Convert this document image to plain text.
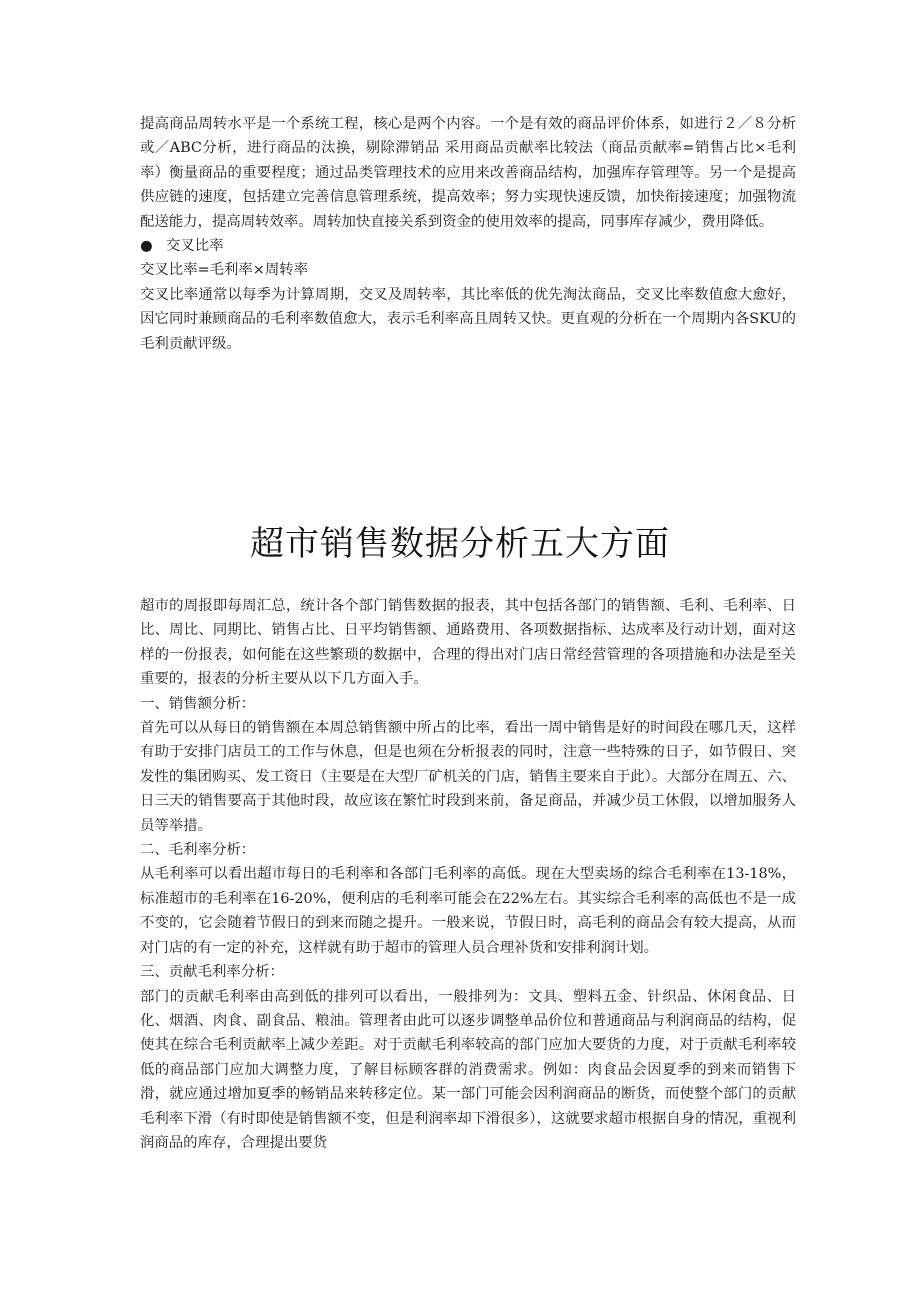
提高商品周转水平是一个系统工程，核心是两个内容。一个是有效的商品评价体系，如进行２／８分析或／ABC分析，进行商品的汰换，剔除滞销品 采用商品贡献率比较法（商品贡献率=销售占比×毛利率）衡量商品的重要程度；通过品类管理技术的应用来改善商品结构，加强库存管理等。另一个是提高供应链的速度，包括建立完善信息管理系统，提高效率；努力实现快速反馈，加快衔接速度；加强物流配送能力，提高周转效率。周转加快直接关系到资金的使用效率的提高，同事库存减少，费用降低。

● 交叉比率

交叉比率=毛利率×周转率

交叉比率通常以每季为计算周期，交叉及周转率，其比率低的优先淘汰商品，交叉比率数值愈大愈好，因它同时兼顾商品的毛利率数值愈大，表示毛利率高且周转又快。更直观的分析在一个周期内各SKU的毛利贡献评级。

超市销售数据分析五大方面

超市的周报即每周汇总，统计各个部门销售数据的报表，其中包括各部门的销售额、毛利、毛利率、日比、周比、同期比、销售占比、日平均销售额、通路费用、各项数据指标、达成率及行动计划，面对这样的一份报表，如何能在这些繁琐的数据中，合理的得出对门店日常经营管理的各项措施和办法是至关重要的，报表的分析主要从以下几方面入手。

一、销售额分析：

首先可以从每日的销售额在本周总销售额中所占的比率，看出一周中销售是好的时间段在哪几天，这样有助于安排门店员工的工作与休息，但是也须在分析报表的同时，注意一些特殊的日子，如节假日、突发性的集团购买、发工资日（主要是在大型厂矿机关的门店，销售主要来自于此）。大部分在周五、六、日三天的销售要高于其他时段，故应该在繁忙时段到来前，备足商品，并减少员工休假，以增加服务人员等举措。

二、毛利率分析：

从毛利率可以看出超市每日的毛利率和各部门毛利率的高低。现在大型卖场的综合毛利率在13-18%，标准超市的毛利率在16-20%，便利店的毛利率可能会在22%左右。其实综合毛利率的高低也不是一成不变的，它会随着节假日的到来而随之提升。一般来说，节假日时，高毛利的商品会有较大提高，从而对门店的有一定的补充，这样就有助于超市的管理人员合理补货和安排利润计划。

三、贡献毛利率分析：

部门的贡献毛利率由高到低的排列可以看出，一般排列为：文具、塑料五金、针织品、休闲食品、日化、烟酒、肉食、副食品、粮油。管理者由此可以逐步调整单品价位和普通商品与利润商品的结构，促使其在综合毛利贡献率上减少差距。对于贡献毛利率较高的部门应加大要货的力度，对于贡献毛利率较低的商品部门应加大调整力度，了解目标顾客群的消费需求。例如：肉食品会因夏季的到来而销售下滑，就应通过增加夏季的畅销品来转移定位。某一部门可能会因利润商品的断货，而使整个部门的贡献毛利率下滑（有时即使是销售额不变，但是利润率却下滑很多），这就要求超市根据自身的情况，重视利润商品的库存，合理提出要货
